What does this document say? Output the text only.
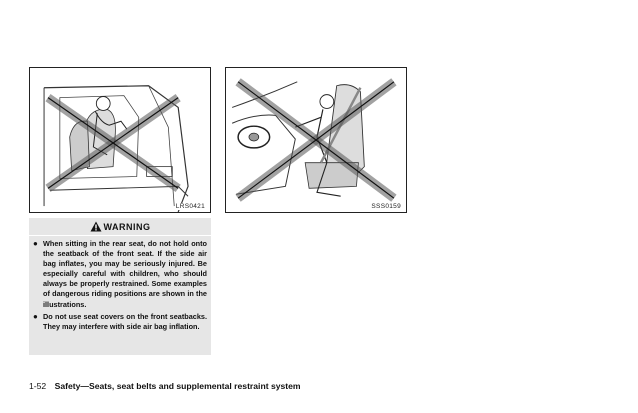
LRS0421	SSS0159
WARNING
● When sitting in the rear seat, do not hold onto the seatback of the front seat. If the side air bag inflates, you may be seriously injured. Be especially careful with children, who should always be properly restrained. Some examples of dangerous riding positions are shown in the illustrations.
● Do not use seat covers on the front seatbacks. They may interfere with side air bag inflation.
1-52 Safety—Seats, seat belts and supplemental restraint system
